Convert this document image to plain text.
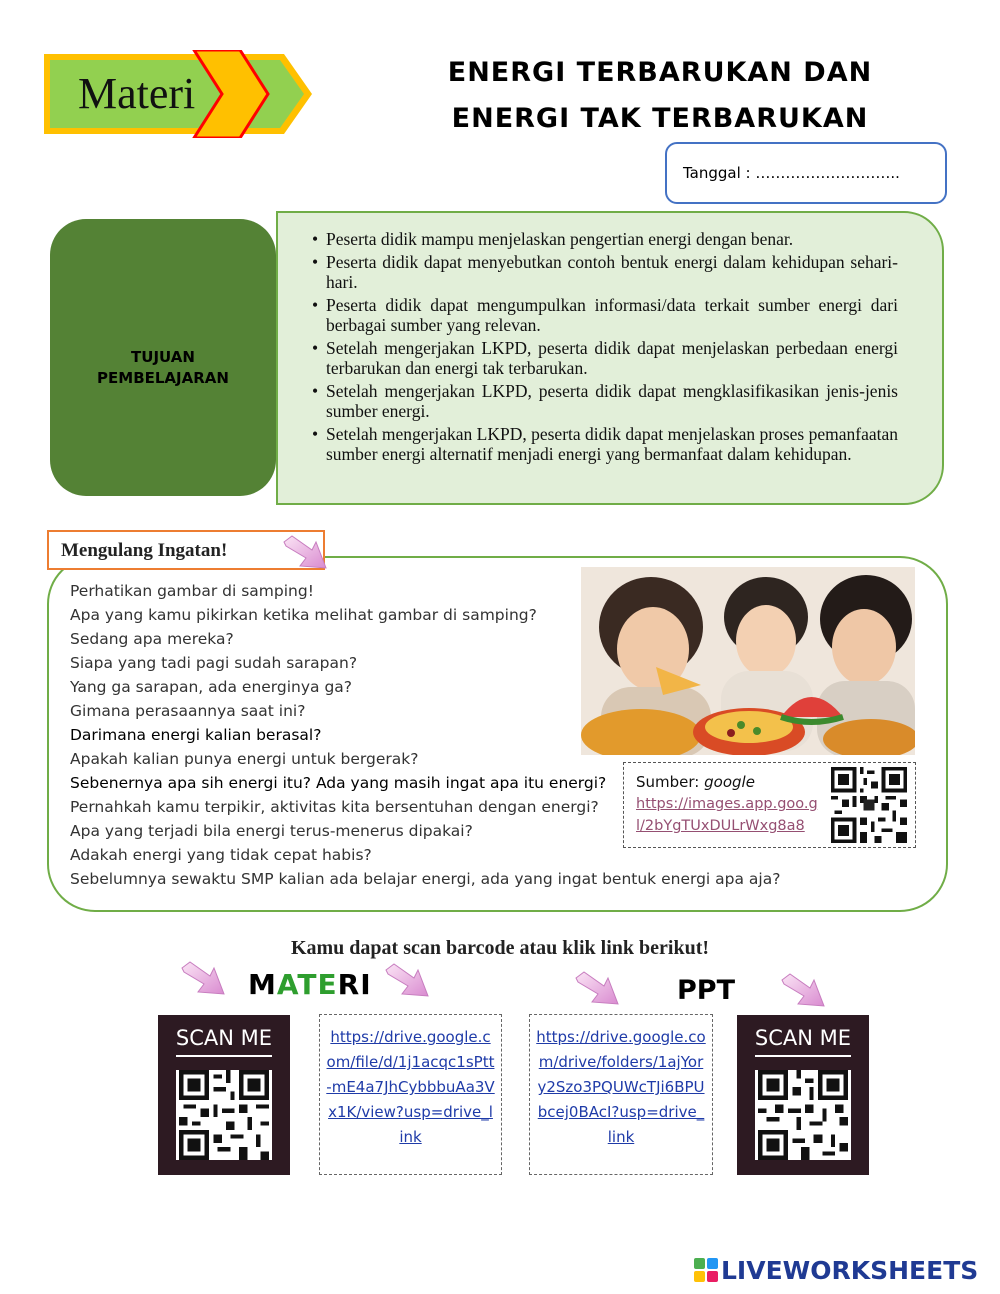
Materi	ENERGI TERBARUKAN DAN
ENERGI TAK TERBARUKAN
Tanggal : ………………………..
• Peserta didik mampu menjelaskan pengertian energi dengan benar.
• Peserta didik dapat menyebutkan contoh bentuk energi dalam kehidupan sehari-hari.
• Peserta didik dapat mengumpulkan informasi/data terkait sumber energi dari berbagai sumber yang relevan.
• Setelah mengerjakan LKPD, peserta didik dapat menjelaskan perbedaan energi terbarukan dan energi tak terbarukan.
• Setelah mengerjakan LKPD, peserta didik dapat mengklasifikasikan jenis-jenis sumber energi.
• Setelah mengerjakan LKPD, peserta didik dapat menjelaskan proses pemanfaatan sumber energi alternatif menjadi energi yang bermanfaat dalam kehidupan.
TUJUAN
PEMBELAJARAN
Mengulang Ingatan!
Perhatikan gambar di samping!
Apa yang kamu pikirkan ketika melihat gambar di samping?
Sedang apa mereka?
Siapa yang tadi pagi sudah sarapan?
Yang ga sarapan, ada energinya ga?
Gimana perasaannya saat ini?
Darimana energi kalian berasal?
Apakah kalian punya energi untuk bergerak?
Sebenernya apa sih energi itu? Ada yang masih ingat apa itu energi?
Pernahkah kamu terpikir, aktivitas kita bersentuhan dengan energi?
Apa yang terjadi bila energi terus-menerus dipakai?
Adakah energi yang tidak cepat habis?
Sebelumnya sewaktu SMP kalian ada belajar energi, ada yang ingat bentuk energi apa aja?
Sumber: google
https://images.app.goo.gl/2bYgTUxDULrWxg8a8
Kamu dapat scan barcode atau klik link berikut!
MATERI	PPT
SCAN ME	https://drive.google.com/file/d/1j1acqc1sPtt-mE4a7JhCybbbuAa3Vx1K/view?usp=drive_link
https://drive.google.com/drive/folders/1ajYory2Szo3PQUWcTJi6BPUbcej0BAcI?usp=drive_link
SCAN ME
LIVEWORKSHEETS
